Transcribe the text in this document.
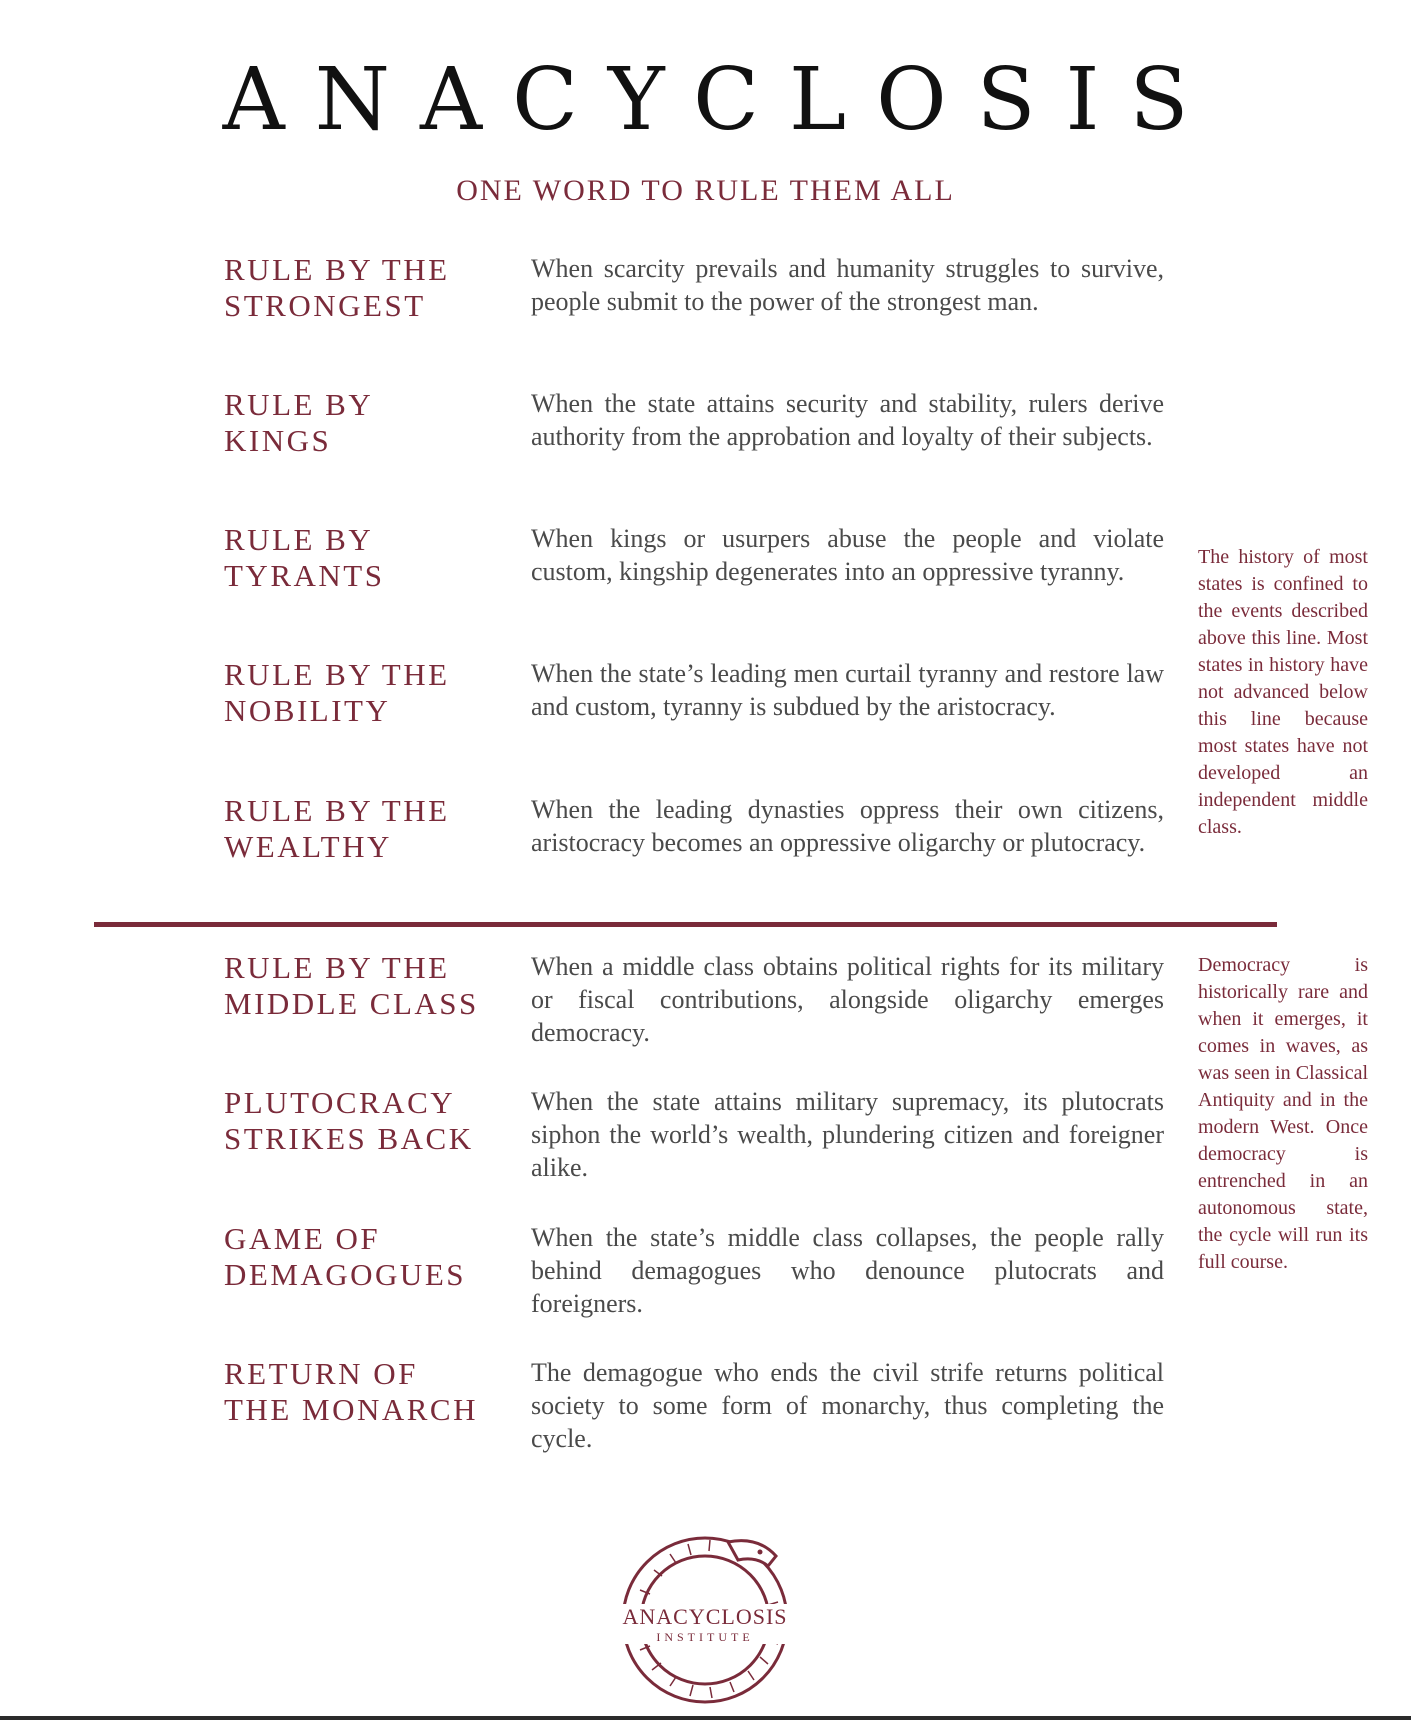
ANACYCLOSIS
ONE WORD TO RULE THEM ALL
RULE BY THE
STRONGEST
When scarcity prevails and humanity struggles to survive, people submit to the power of the strongest man.
RULE BY
KINGS
When the state attains security and stability, rulers derive authority from the approbation and loyalty of their subjects.
RULE BY
TYRANTS
When kings or usurpers abuse the people and violate custom, kingship degenerates into an oppressive tyranny.
RULE BY THE
NOBILITY
When the state’s leading men curtail tyranny and restore law and custom, tyranny is subdued by the aristocracy.
RULE BY THE
WEALTHY
When the leading dynasties oppress their own citizens, aristocracy becomes an oppressive oligarchy or plutocracy.
RULE BY THE
MIDDLE CLASS
When a middle class obtains political rights for its military or fiscal contributions, alongside oligarchy emerges democracy.
PLUTOCRACY
STRIKES BACK
When the state attains military supremacy, its plutocrats siphon the world’s wealth, plundering citizen and foreigner alike.
GAME OF
DEMAGOGUES
When the state’s middle class collapses, the people rally behind demagogues who denounce plutocrats and foreigners.
RETURN OF
THE MONARCH
The demagogue who ends the civil strife returns political society to some form of monarchy, thus completing the cycle.
The history of most states is confined to the events described above this line. Most states in history have not advanced below this line because most states have not developed an independent middle class.
Democracy is historically rare and when it emerges, it comes in waves, as was seen in Classical Antiquity and in the modern West. Once democracy is entrenched in an autonomous state, the cycle will run its full course.
ANACYCLOSIS
INSTITUTE
